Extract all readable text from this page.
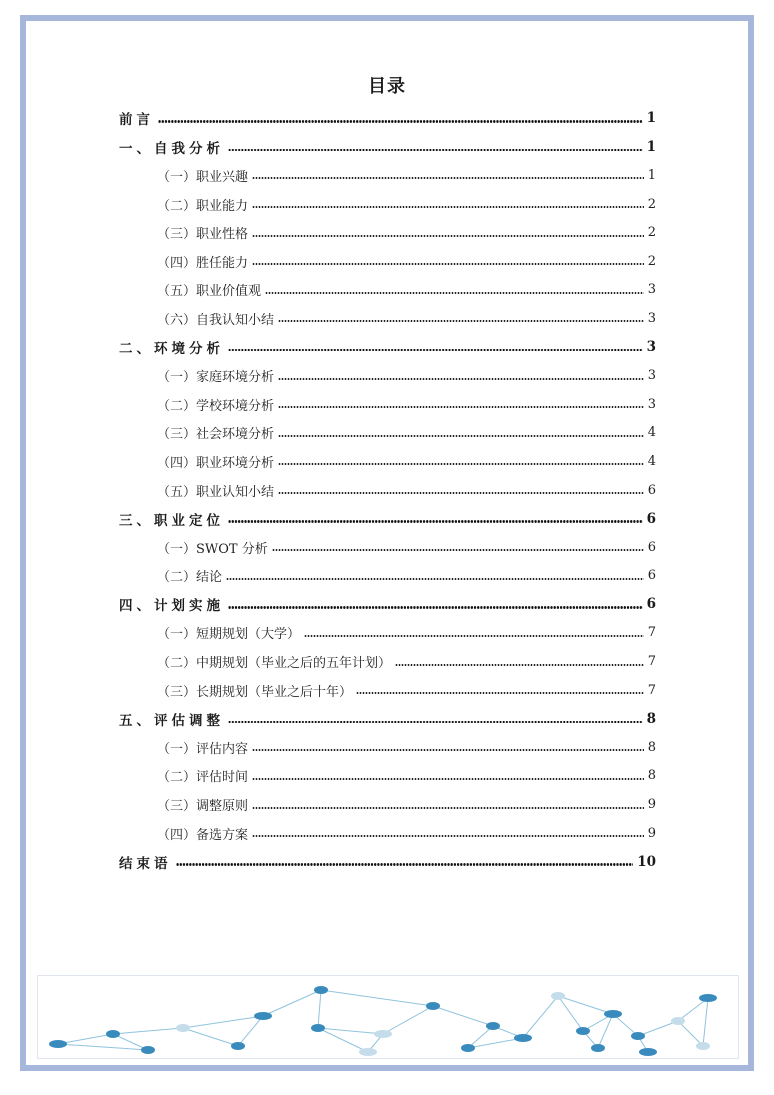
目录
前言	1
一、自我分析	1
（一）职业兴趣	1
（二）职业能力	2
（三）职业性格	2
（四）胜任能力	2
（五）职业价值观	3
（六）自我认知小结	3
二、环境分析	3
（一）家庭环境分析	3
（二）学校环境分析	3
（三）社会环境分析	4
（四）职业环境分析	4
（五）职业认知小结	6
三、职业定位	6
（一）SWOT 分析	6
（二）结论	6
四、计划实施	6
（一）短期规划（大学）	7
（二）中期规划（毕业之后的五年计划）	7
（三）长期规划（毕业之后十年）	7
五、评估调整	8
（一）评估内容	8
（二）评估时间	8
（三）调整原则	9
（四）备选方案	9
结束语	10
